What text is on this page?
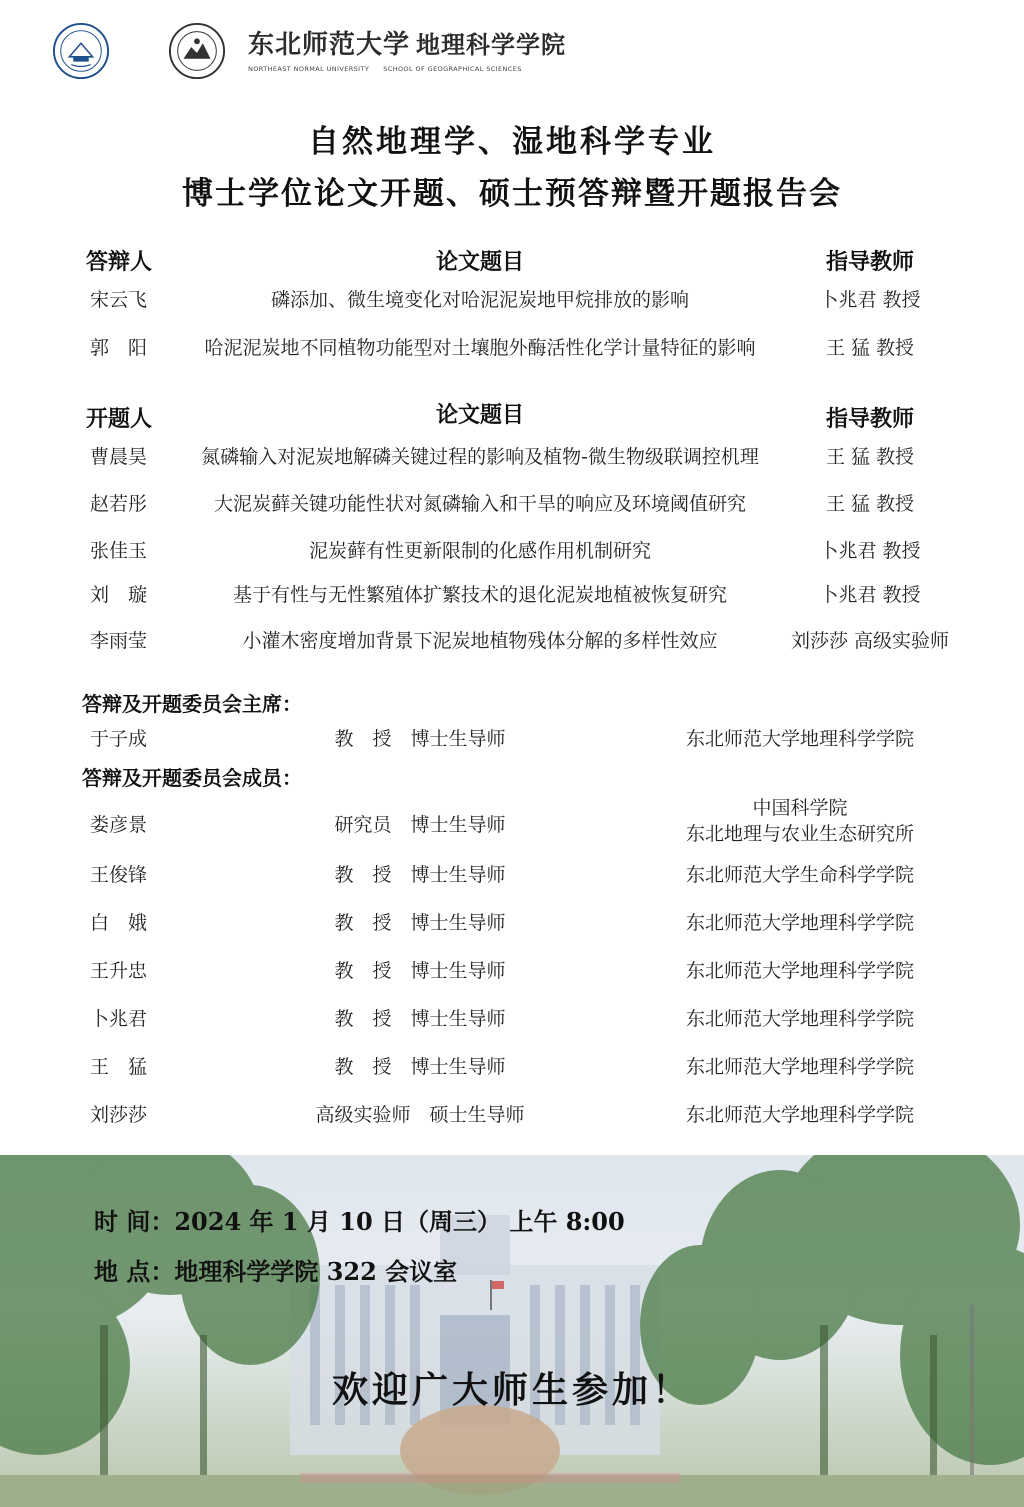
东北师范大学 地理科学学院
NORTHEAST NORMAL UNIVERSITY SCHOOL OF GEOGRAPHICAL SCIENCES
自然地理学、湿地科学专业
博士学位论文开题、硕士预答辩暨开题报告会
答辩人	论文题目	指导教师
宋云飞	磷添加、微生境变化对哈泥泥炭地甲烷排放的影响	卜兆君 教授
郭　阳	哈泥泥炭地不同植物功能型对土壤胞外酶活性化学计量特征的影响	王 猛 教授
开题人	论文题目	指导教师
曹晨昊	氮磷输入对泥炭地解磷关键过程的影响及植物-微生物级联调控机理	王 猛 教授
赵若彤	大泥炭藓关键功能性状对氮磷输入和干旱的响应及环境阈值研究	王 猛 教授
张佳玉	泥炭藓有性更新限制的化感作用机制研究	卜兆君 教授
刘　璇	基于有性与无性繁殖体扩繁技术的退化泥炭地植被恢复研究	卜兆君 教授
李雨莹	小灌木密度增加背景下泥炭地植物残体分解的多样性效应	刘莎莎 高级实验师
答辩及开题委员会主席：
于子成	教　授　博士生导师	东北师范大学地理科学学院
答辩及开题委员会成员：
娄彦景	研究员　博士生导师
中国科学院
东北地理与农业生态研究所
王俊锋	教　授　博士生导师	东北师范大学生命科学学院
白　娥	教　授　博士生导师	东北师范大学地理科学学院
王升忠	教　授　博士生导师	东北师范大学地理科学学院
卜兆君	教　授　博士生导师	东北师范大学地理科学学院
王　猛	教　授　博士生导师	东北师范大学地理科学学院
刘莎莎	高级实验师　硕士生导师	东北师范大学地理科学学院
时 间：2024 年 1 月 10 日（周三） 上午 8:00
地 点：地理科学学院 322 会议室
欢迎广大师生参加！
